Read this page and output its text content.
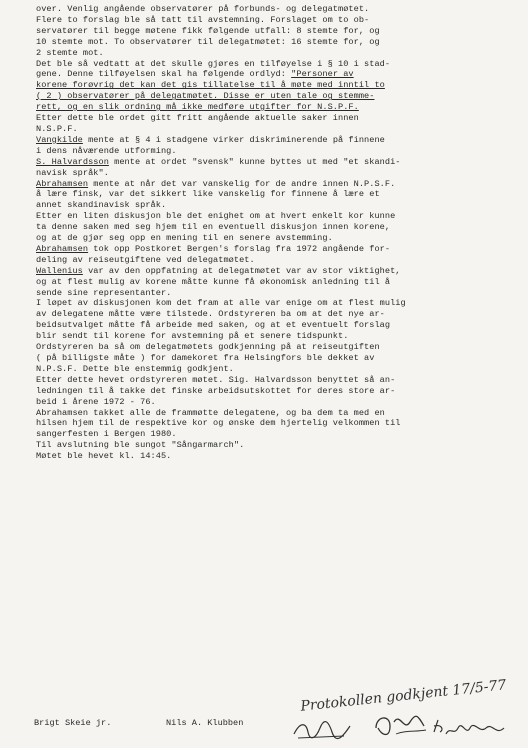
over. Venlig angående observatører på forbunds- og delegatmøtet.
Flere to forslag ble så tatt til avstemning. Forslaget om to ob-
servatører til begge møtene fikk følgende utfall: 8 stemte for, og
10 stemte mot. To observatører til delegatmøtet: 16 stemte for, og
2 stemte mot.
Det ble så vedtatt at det skulle gjøres en tilføyelse i § 10 i stad-
gene. Denne tilføyelsen skal ha følgende ordlyd: "Personer av
korene forøvrig det kan det gis tillatelse til å møte med inntil to
( 2 ) observatører på delegatmøtet. Disse er uten tale og stemme-
rett, og en slik ordning må ikke medføre utgifter for N.S.P.F.
Etter dette ble ordet gitt fritt angående aktuelle saker innen
N.S.P.F.
Vangkilde mente at § 4 i stadgene virker diskriminerende på finnene
i dens nåværende utforming.
S. Halvardsson mente at ordet "svensk" kunne byttes ut med "et skandi-
navisk språk".
Abrahamsen mente at når det var vanskelig for de andre innen N.P.S.F.
å lære finsk, var det sikkert like vanskelig for finnene å lære et
annet skandinavisk språk.
Etter en liten diskusjon ble det enighet om at hvert enkelt kor kunne
ta denne saken med seg hjem til en eventuell diskusjon innen korene,
og at de gjør seg opp en mening til en senere avstemming.
Abrahamsen tok opp Postkoret Bergen's forslag fra 1972 angående for-
deling av reiseutgiftene ved delegatmøtet.
Wallenius var av den oppfatning at delegatmøtet var av stor viktighet,
og at flest mulig av korene måtte kunne få økonomisk anledning til å
sende sine representanter.
I løpet av diskusjonen kom det fram at alle var enige om at flest mulig
av delegatene måtte være tilstede. Ordstyreren ba om at det nye ar-
beidsutvalget måtte få arbeide med saken, og at et eventuelt forslag
blir sendt til korene for avstemning på et senere tidspunkt.
Ordstyreren ba så om delegatmøtets godkjenning på at reiseutgiften
( på billigste måte ) for damekoret fra Helsingfors ble dekket av
N.P.S.F. Dette ble enstemmig godkjent.
Etter dette hevet ordstyreren møtet. Sig. Halvardsson benyttet så an-
ledningen til å takke det finske arbeidsutskottet for deres store ar-
beid i årene 1972 - 76.
Abrahamsen takket alle de frammøtte delegatene, og ba dem ta med en
hilsen hjem til de respektive kor og ønske dem hjertelig velkommen til
sangerfesten i Bergen 1980.
Til avslutning ble sungot "Sångarmarch".
Møtet ble hevet kl. 14:45.
Protokollen godkjent 17/5-77
Brigt Skeie jr.	Nils A. Klubben
